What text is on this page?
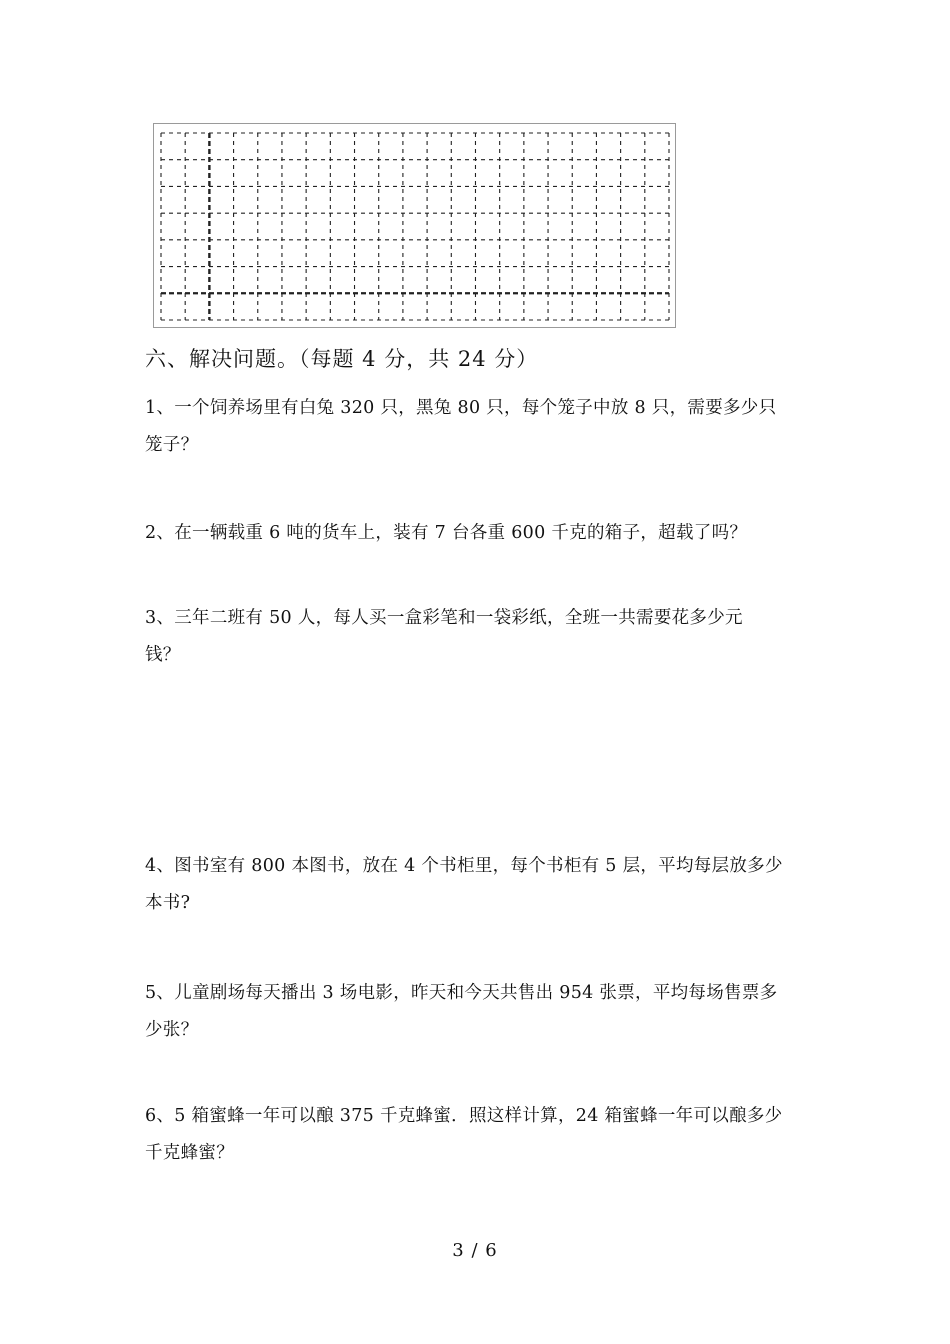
六、解决问题。（每题 4 分，共 24 分）
1、一个饲养场里有白兔 320 只，黑兔 80 只，每个笼子中放 8 只，需要多少只
笼子？
2、在一辆载重 6 吨的货车上，装有 7 台各重 600 千克的箱子，超载了吗？
3、三年二班有 50 人，每人买一盒彩笔和一袋彩纸，全班一共需要花多少元
钱？
4、图书室有 800 本图书，放在 4 个书柜里，每个书柜有 5 层，平均每层放多少
本书?
5、儿童剧场每天播出 3 场电影，昨天和今天共售出 954 张票，平均每场售票多
少张？
6、5 箱蜜蜂一年可以酿 375 千克蜂蜜．照这样计算，24 箱蜜蜂一年可以酿多少
千克蜂蜜？
3 / 6
